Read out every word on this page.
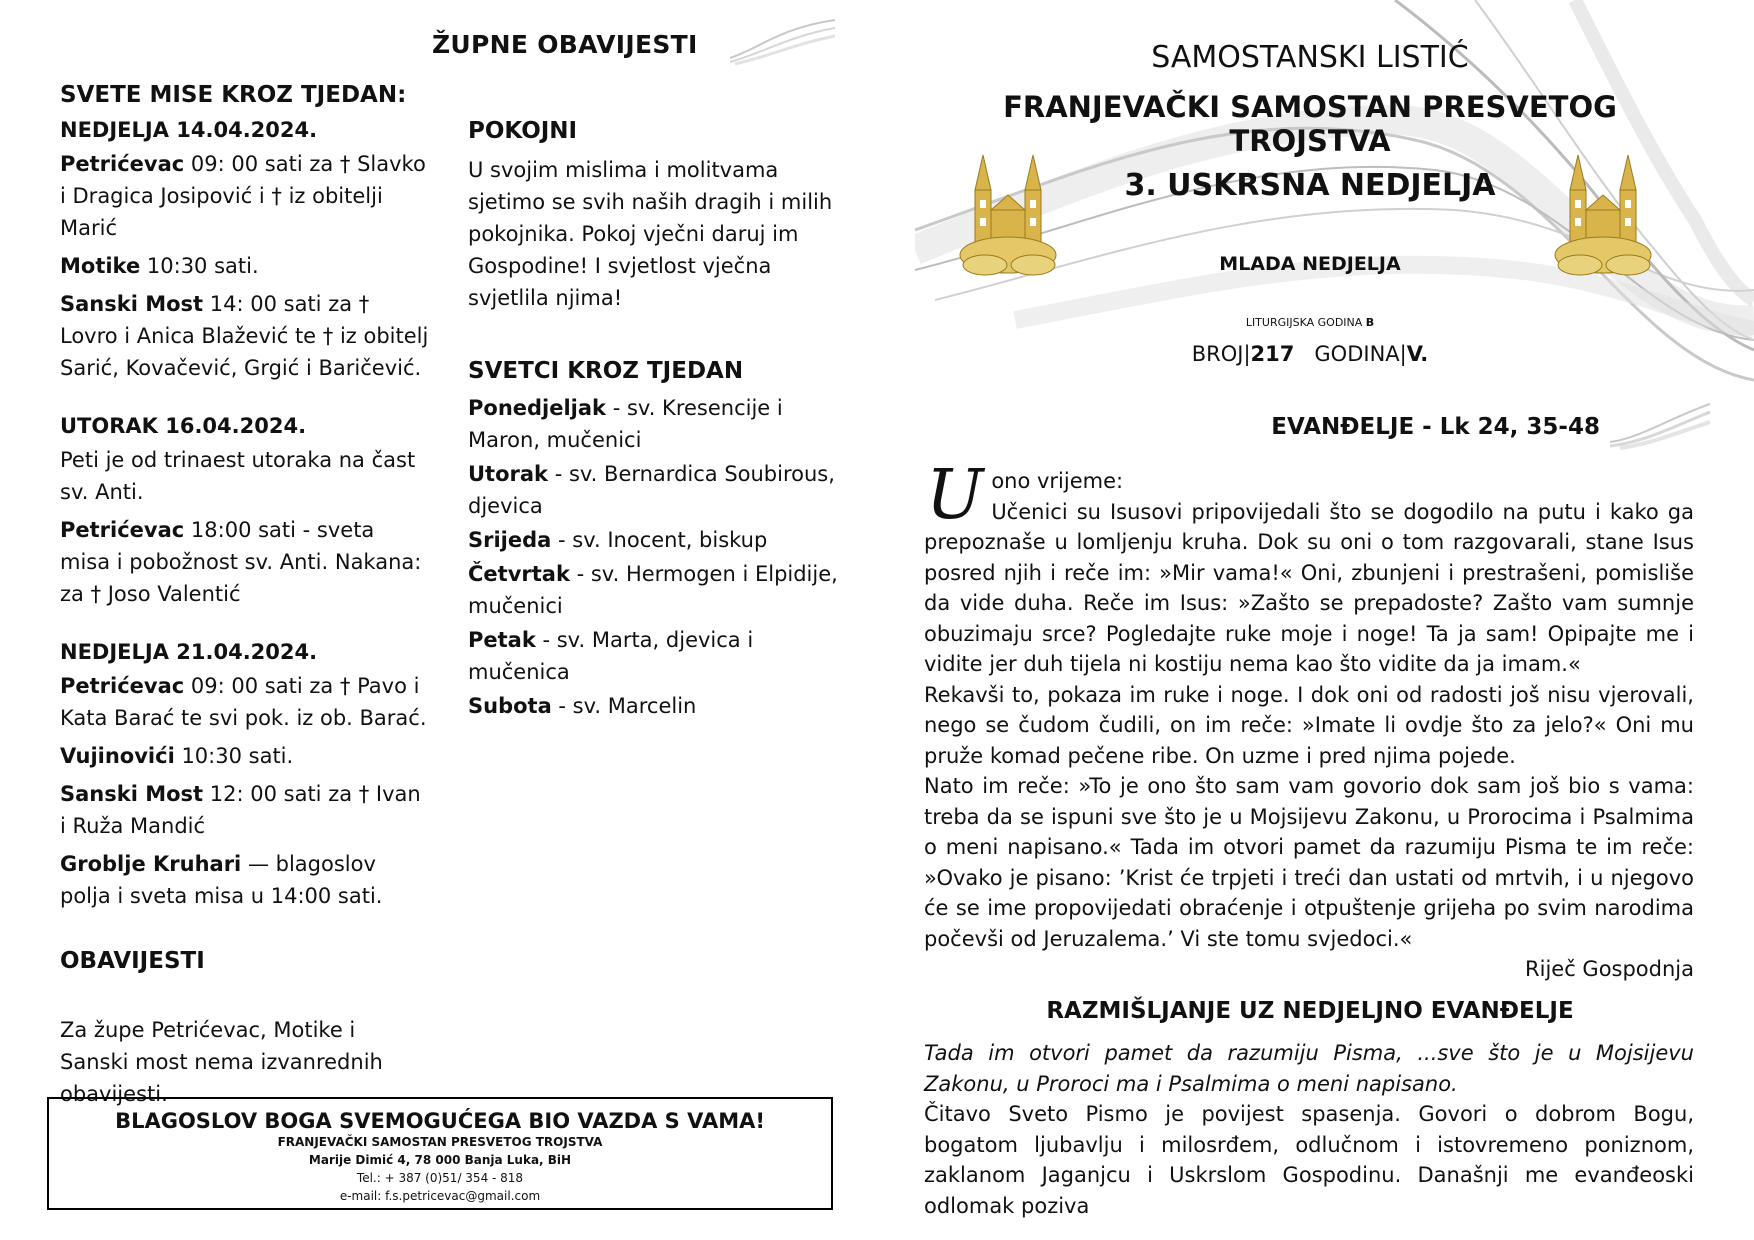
ŽUPNE OBAVIJESTI
SVETE MISE KROZ TJEDAN:
NEDJELJA 14.04.2024.
Petrićevac 09: 00 sati za † Slavko i Dragica Josipović i † iz obitelji Marić
Motike 10:30 sati.
Sanski Most 14: 00 sati za † Lovro i Anica Blažević te † iz obitelj Sarić, Kovačević, Grgić i Baričević.
UTORAK 16.04.2024.
Peti je od trinaest utoraka na čast sv. Anti.
Petrićevac 18:00 sati - sveta misa i pobožnost sv. Anti. Nakana: za † Joso Valentić
NEDJELJA 21.04.2024.
Petrićevac 09: 00 sati za † Pavo i Kata Barać te svi pok. iz ob. Barać.
Vujinovići 10:30 sati.
Sanski Most 12: 00 sati za † Ivan i Ruža Mandić
Groblje Kruhari — blagoslov polja i sveta misa u 14:00 sati.
OBAVIJESTI
Za župe Petrićevac, Motike i Sanski most nema izvanrednih obavijesti.
POKOJNI
U svojim mislima i molitvama sjetimo se svih naših dragih i milih pokojnika. Pokoj vječni daruj im Gospodine! I svjetlost vječna svjetlila njima!
SVETCI KROZ TJEDAN
Ponedjeljak - sv. Kresencije i Maron, mučenici
Utorak - sv. Bernardica Soubirous, djevica
Srijeda - sv. Inocent, biskup
Četvrtak - sv. Hermogen i Elpidije, mučenici
Petak - sv. Marta, djevica i mučenica
Subota - sv. Marcelin
BLAGOSLOV BOGA SVEMOGUĆEGA BIO VAZDA S VAMA!
FRANJEVAČKI SAMOSTAN PRESVETOG TROJSTVA
Marije Dimić 4, 78 000 Banja Luka, BiH
Tel.: + 387 (0)51/ 354 - 818
e-mail: f.s.petricevac@gmail.com
SAMOSTANSKI LISTIĆ
FRANJEVAČKI SAMOSTAN PRESVETOG TROJSTVA
3. USKRSNA NEDJELJA
MLADA NEDJELJA
LITURGIJSKA GODINA B
BROJ|217 GODINA|V.
EVANĐELJE - Lk 24, 35-48
U ono vrijeme:
Učenici su Isusovi pripovijedali što se dogodilo na putu i kako ga prepoznaše u lomljenju kruha. Dok su oni o tom razgovarali, stane Isus posred njih i reče im: »Mir vama!« Oni, zbunjeni i prestrašeni, pomisliše da vide duha. Reče im Isus: »Zašto se prepadoste? Zašto vam sumnje obuzimaju srce? Pogledajte ruke moje i noge! Ta ja sam! Opipajte me i vidite jer duh tijela ni kostiju nema kao što vidite da ja imam.«
Rekavši to, pokaza im ruke i noge. I dok oni od radosti još nisu vjerovali, nego se čudom čudili, on im reče: »Imate li ovdje što za jelo?« Oni mu pruže komad pečene ribe. On uzme i pred njima pojede.
Nato im reče: »To je ono što sam vam govorio dok sam još bio s vama: treba da se ispuni sve što je u Mojsijevu Zakonu, u Prorocima i Psalmima o meni napisano.« Tada im otvori pamet da razumiju Pisma te im reče: »Ovako je pisano: ’Krist će trpjeti i treći dan ustati od mrtvih, i u njegovo će se ime propovijedati obraćenje i otpuštenje grijeha po svim narodima počevši od Jeruzalema.’ Vi ste tomu svjedoci.«

Riječ Gospodnja
RAZMIŠLJANJE UZ NEDJELJNO EVANĐELJE
Tada im otvori pamet da razumiju Pisma, ...sve što je u Mojsijevu Zakonu, u Proroci ma i Psalmima o meni napisano.
Čitavo Sveto Pismo je povijest spasenja. Govori o dobrom Bogu, bogatom ljubavlju i milosrđem, odlučnom i istovremeno poniznom, zaklanom Jaganjcu i Uskrslom Gospodinu. Današnji me evanđeoski odlomak poziva
